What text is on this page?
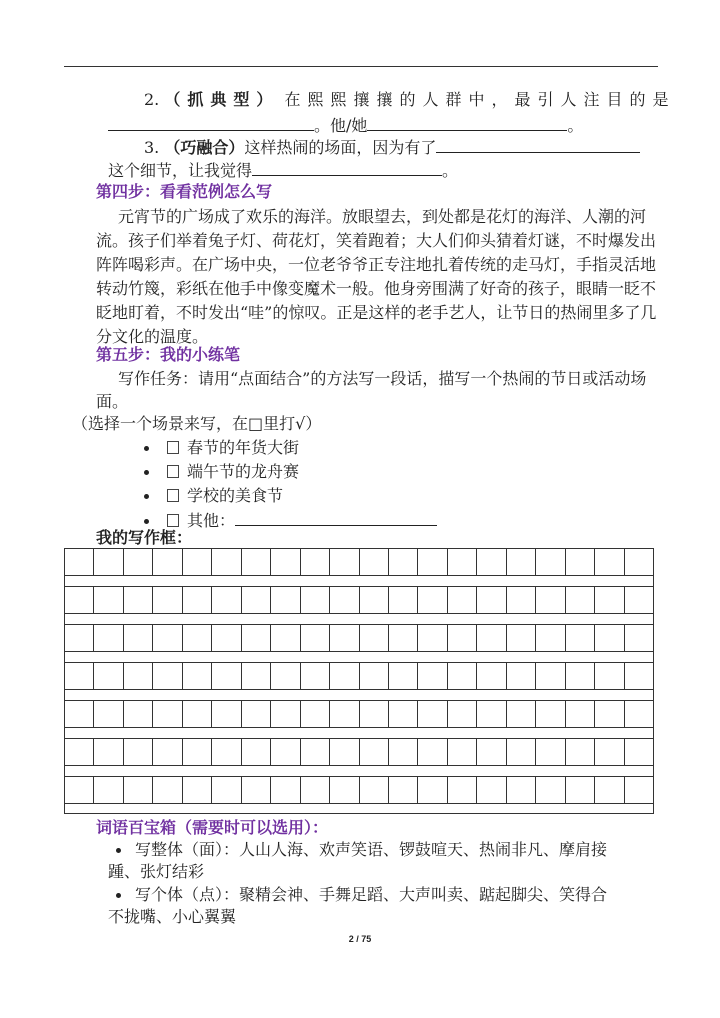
2. （抓典型） 在熙熙攘攘的人群中，最引人注目的是
。他/她	。
3. （巧融合）这样热闹的场面，因为有了
这个细节，让我觉得	。
第四步：看看范例怎么写
元宵节的广场成了欢乐的海洋。放眼望去，到处都是花灯的海洋、人潮的河
流。孩子们举着兔子灯、荷花灯，笑着跑着；大人们仰头猜着灯谜，不时爆发出
阵阵喝彩声。在广场中央，一位老爷爷正专注地扎着传统的走马灯，手指灵活地
转动竹篾，彩纸在他手中像变魔术一般。他身旁围满了好奇的孩子，眼睛一眨不
眨地盯着，不时发出“哇”的惊叹。正是这样的老手艺人，让节日的热闹里多了几
分文化的温度。
第五步：我的小练笔
写作任务：请用“点面结合”的方法写一段话，描写一个热闹的节日或活动场
面。
（选择一个场景来写，在□里打√）
春节的年货大街
端午节的龙舟赛
学校的美食节
其他：
我的写作框：
词语百宝箱（需要时可以选用）：
写整体（面）：人山人海、欢声笑语、锣鼓喧天、热闹非凡、摩肩接
踵、张灯结彩
写个体（点）：聚精会神、手舞足蹈、大声叫卖、踮起脚尖、笑得合
不拢嘴、小心翼翼
2 / 75
